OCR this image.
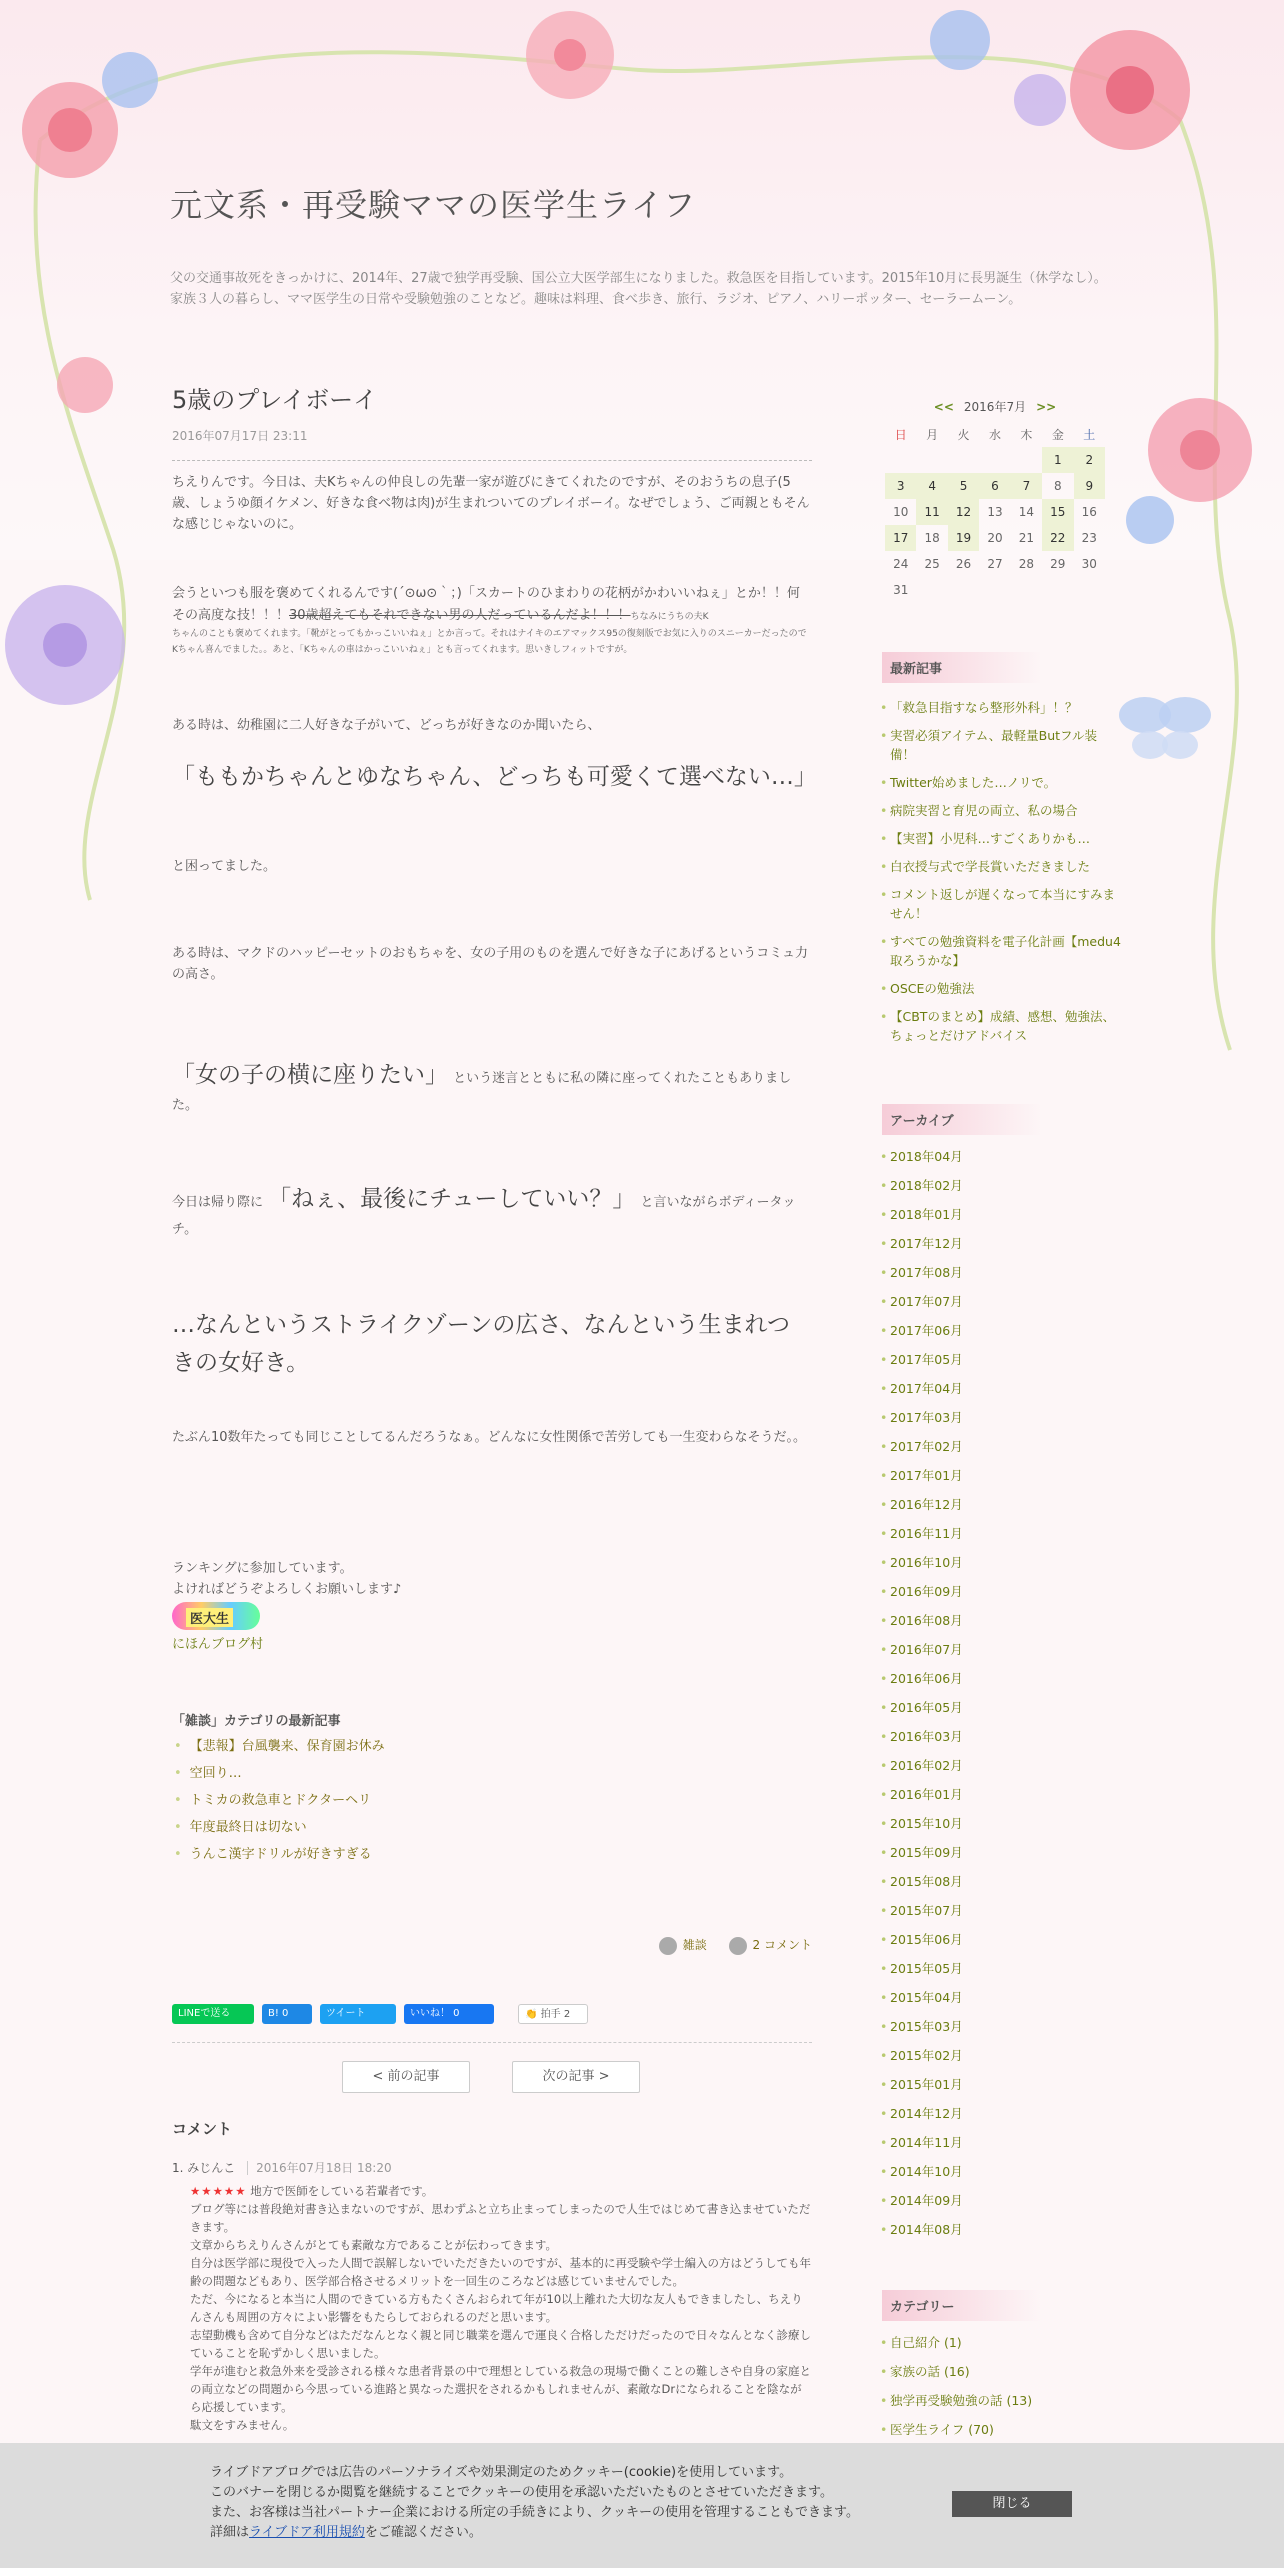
元文系・再受験ママの医学生ライフ

父の交通事故死をきっかけに、2014年、27歳で独学再受験、国公立大医学部生になりました。救急医を目指しています。2015年10月に長男誕生（休学なし）。家族３人の暮らし、ママ医学生の日常や受験勉強のことなど。趣味は料理、食べ歩き、旅行、ラジオ、ピアノ、ハリーポッター、セーラームーン。

5歳のプレイボーイ
2016年07月17日 23:11

ちえりんです。今日は、夫Kちゃんの仲良しの先輩一家が遊びにきてくれたのですが、そのおうちの息子(5歳、しょうゆ顔イケメン、好きな食べ物は肉)が生まれついてのプレイボーイ。なぜでしょう、ご両親ともそんな感じじゃないのに。

会うといつも服を褒めてくれるんです(´⊙ω⊙｀；)「スカートのひまわりの花柄がかわいいねぇ」とか！！何その高度な技！！！30歳超えてもそれできない男の人だっているんだよ！！！ちなみにうちの夫K
ちゃんのことも褒めてくれます。「靴がとってもかっこいいねぇ」とか言って。それはナイキのエアマックス95の復刻版でお気に入りのスニーカーだったのでKちゃん喜んでました。。あと、「Kちゃんの車はかっこいいねぇ」とも言ってくれます。思いきしフィットですが。

ある時は、幼稚園に二人好きな子がいて、どっちが好きなのか聞いたら、

「ももかちゃんとゆなちゃん、どっちも可愛くて選べない…」

と困ってました。

ある時は、マクドのハッピーセットのおもちゃを、女の子用のものを選んで好きな子にあげるというコミュ力の高さ。

「女の子の横に座りたい」 という迷言とともに私の隣に座ってくれたこともありました。
今日は帰り際に 「ねぇ、最後にチューしていい？」 と言いながらボディータッチ。

…なんというストライクゾーンの広さ、なんという生まれつきの女好き。

たぶん10数年たっても同じことしてるんだろうなぁ。どんなに女性関係で苦労しても一生変わらなそうだ。。

ランキングに参加しています。

よければどうぞよろしくお願いします♪

医大生

にほんブログ村

「雑談」カテゴリの最新記事
• 【悲報】台風襲来、保育園お休み
• 空回り…
• トミカの救急車とドクターヘリ
• 年度最終日は切ない
• うんこ漢字ドリルが好きすぎる
雑談	2 コメント
LINEで送る	B! 0	ツイート	いいね！ 0	👏 拍手 2
< 前の記事	次の記事 >
コメント
1. みじんこ 2016年07月18日 18:20
★★★★★ 地方で医師をしている若輩者です。
ブログ等には普段絶対書き込まないのですが、思わずふと立ち止まってしまったので人生ではじめて書き込ませていただきます。
文章からちえりんさんがとても素敵な方であることが伝わってきます。
自分は医学部に現役で入った人間で誤解しないでいただきたいのですが、基本的に再受験や学士編入の方はどうしても年齢の問題などもあり、医学部合格させるメリットを一回生のころなどは感じていませんでした。
ただ、今になると本当に人間のできている方もたくさんおられて年が10以上離れた大切な友人もできましたし、ちえりんさんも周囲の方々によい影響をもたらしておられるのだと思います。
志望動機も含めて自分などはただなんとなく親と同じ職業を選んで運良く合格しただけだったので日々なんとなく診療していることを恥ずかしく思いました。
学年が進むと救急外来を受診される様々な患者背景の中で理想としている救急の現場で働くことの難しさや自身の家庭との両立などの問題から今思っている進路と異なった選択をされるかもしれませんが、素敵なDrになられることを陰ながら応援しています。
駄文をすみません。
<< 2016年7月 >>
日	月	火	水	木	金	土
					1	2
3	4	5	6	7	8	9
10	11	12	13	14	15	16
17	18	19	20	21	22	23
24	25	26	27	28	29	30
31						
最新記事
• 「救急目指すなら整形外科」！？
• 実習必須アイテム、最軽量Butフル装備！
• Twitter始めました…ノリで。
• 病院実習と育児の両立、私の場合
• 【実習】小児科…すごくありかも…
• 白衣授与式で学長賞いただきました
• コメント返しが遅くなって本当にすみません！
• すべての勉強資料を電子化計画【medu4取ろうかな】
• OSCEの勉強法
• 【CBTのまとめ】成績、感想、勉強法、ちょっとだけアドバイス
アーカイブ
• 2018年04月
• 2018年02月
• 2018年01月
• 2017年12月
• 2017年08月
• 2017年07月
• 2017年06月
• 2017年05月
• 2017年04月
• 2017年03月
• 2017年02月
• 2017年01月
• 2016年12月
• 2016年11月
• 2016年10月
• 2016年09月
• 2016年08月
• 2016年07月
• 2016年06月
• 2016年05月
• 2016年03月
• 2016年02月
• 2016年01月
• 2015年10月
• 2015年09月
• 2015年08月
• 2015年07月
• 2015年06月
• 2015年05月
• 2015年04月
• 2015年03月
• 2015年02月
• 2015年01月
• 2014年12月
• 2014年11月
• 2014年10月
• 2014年09月
• 2014年08月
カテゴリー
• 自己紹介 (1)
• 家族の話 (16)
• 独学再受験勉強の話 (13)
• 医学生ライフ (70)
ライブドアブログでは広告のパーソナライズや効果測定のためクッキー(cookie)を使用しています。
このバナーを閉じるか閲覧を継続することでクッキーの使用を承認いただいたものとさせていただきます。
また、お客様は当社パートナー企業における所定の手続きにより、クッキーの使用を管理することもできます。
詳細はライブドア利用規約をご確認ください。
閉じる
